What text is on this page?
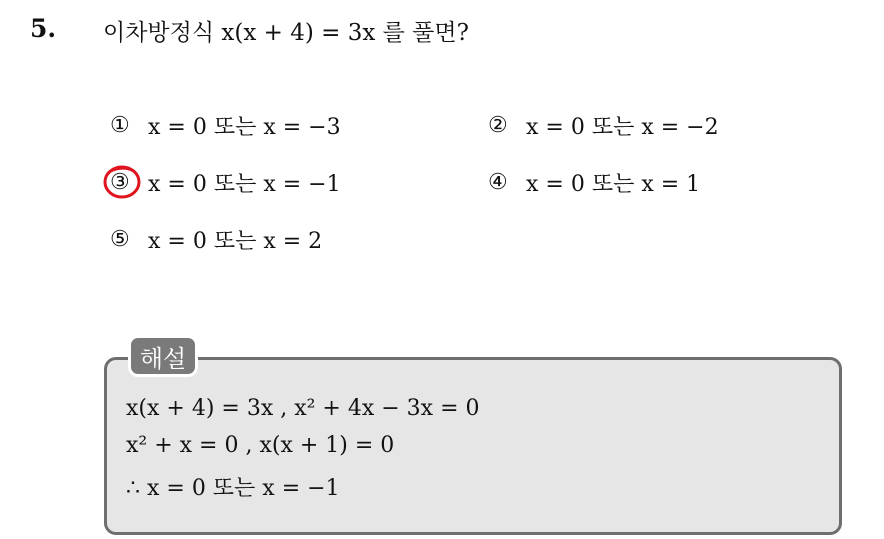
5. 이차방정식 x(x + 4) = 3x 를 풀면?
① x = 0 또는 x = −3	② x = 0 또는 x = −2
③ x = 0 또는 x = −1	④ x = 0 또는 x = 1
⑤ x = 0 또는 x = 2
해설
x(x + 4) = 3x , x² + 4x − 3x = 0
x² + x = 0 , x(x + 1) = 0
∴ x = 0 또는 x = −1
